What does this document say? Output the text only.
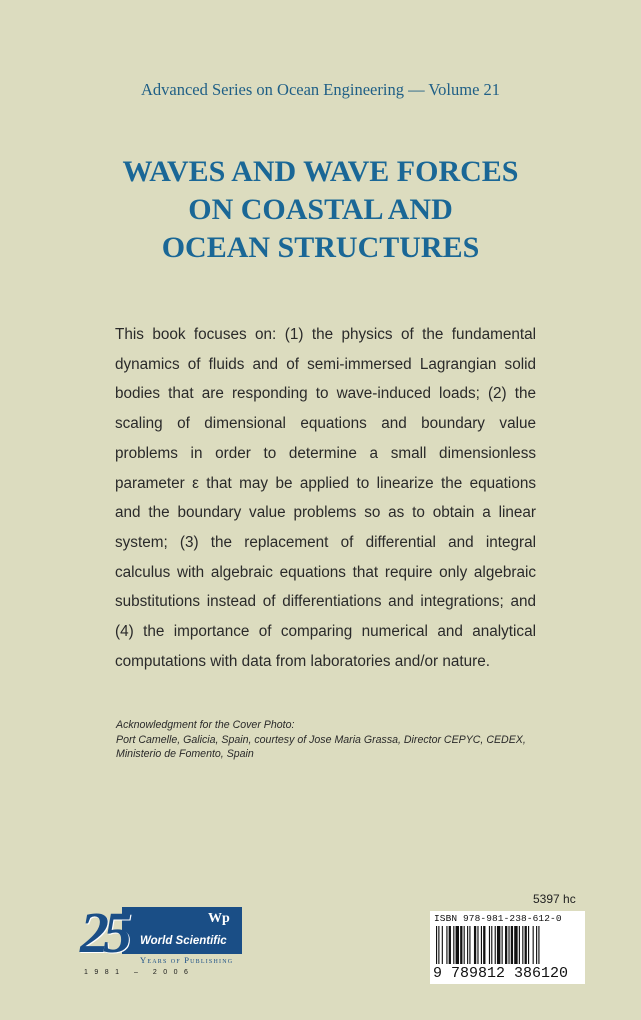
Advanced Series on Ocean Engineering — Volume 21
WAVES AND WAVE FORCES
ON COASTAL AND
OCEAN STRUCTURES
This book focuses on: (1) the physics of the fundamental dynamics of fluids and of semi-immersed Lagrangian solid bodies that are responding to wave-induced loads; (2) the scaling of dimensional equations and boundary value problems in order to determine a small dimensionless parameter ε that may be applied to linearize the equations and the boundary value problems so as to obtain a linear system; (3) the replacement of differential and integral calculus with algebraic equations that require only algebraic substitutions instead of differentiations and integrations; and (4) the importance of comparing numerical and analytical computations with data from laboratories and/or nature.
Acknowledgment for the Cover Photo:
Port Camelle, Galicia, Spain, courtesy of Jose Maria Grassa, Director CEPYC, CEDEX,
Ministerio de Fomento, Spain
25	Wp
World Scientific
Years of Publishing
1981 – 2006
5397 hc
ISBN 978-981-238-612-0
9 789812 386120
